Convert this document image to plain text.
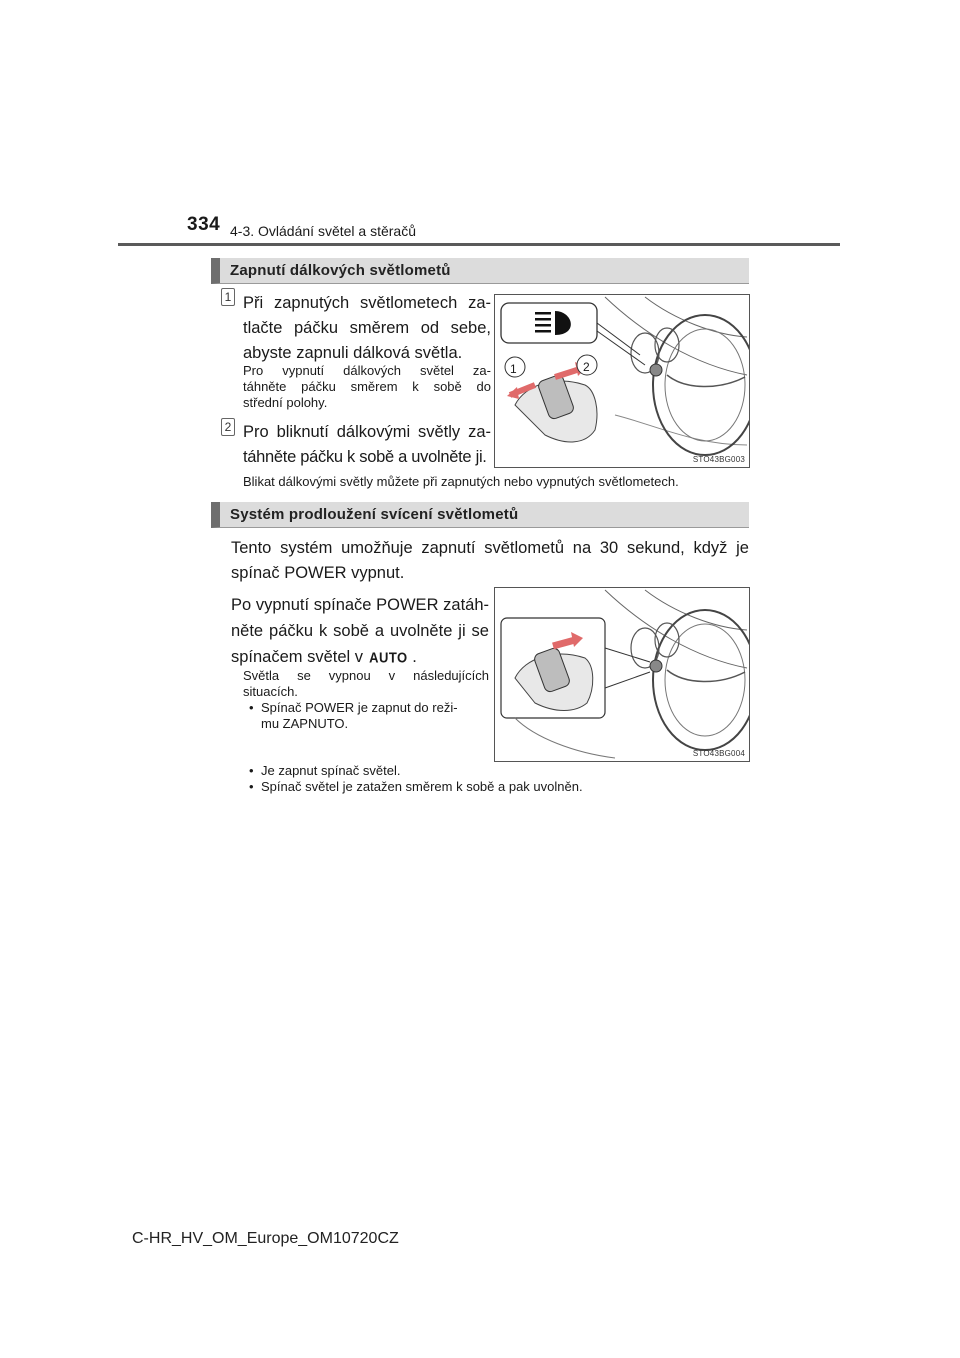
334 4-3. Ovládání světel a stěračů
Zapnutí dálkových světlometů
1 Při zapnutých světlometech za-
tlačte páčku směrem od sebe,
abyste zapnuli dálková světla.
Pro vypnutí dálkových světel za-
táhněte páčku směrem k sobě do
střední polohy.
2 Pro bliknutí dálkovými světly za-
táhněte páčku k sobě a uvolněte ji.
1	2
STO43BG003
Blikat dálkovými světly můžete při zapnutých nebo vypnutých světlometech.
Systém prodloužení svícení světlometů
Tento systém umožňuje zapnutí světlometů na 30 sekund, když je
spínač POWER vypnut.
Po vypnutí spínače POWER zatáh-
něte páčku k sobě a uvolněte ji se
spínačem světel v AUTO .
Světla se vypnou v následujících
situacích.
• Spínač POWER je zapnut do reži-
mu ZAPNUTO.
STO43BG004
• Je zapnut spínač světel.
• Spínač světel je zatažen směrem k sobě a pak uvolněn.
C-HR_HV_OM_Europe_OM10720CZ
